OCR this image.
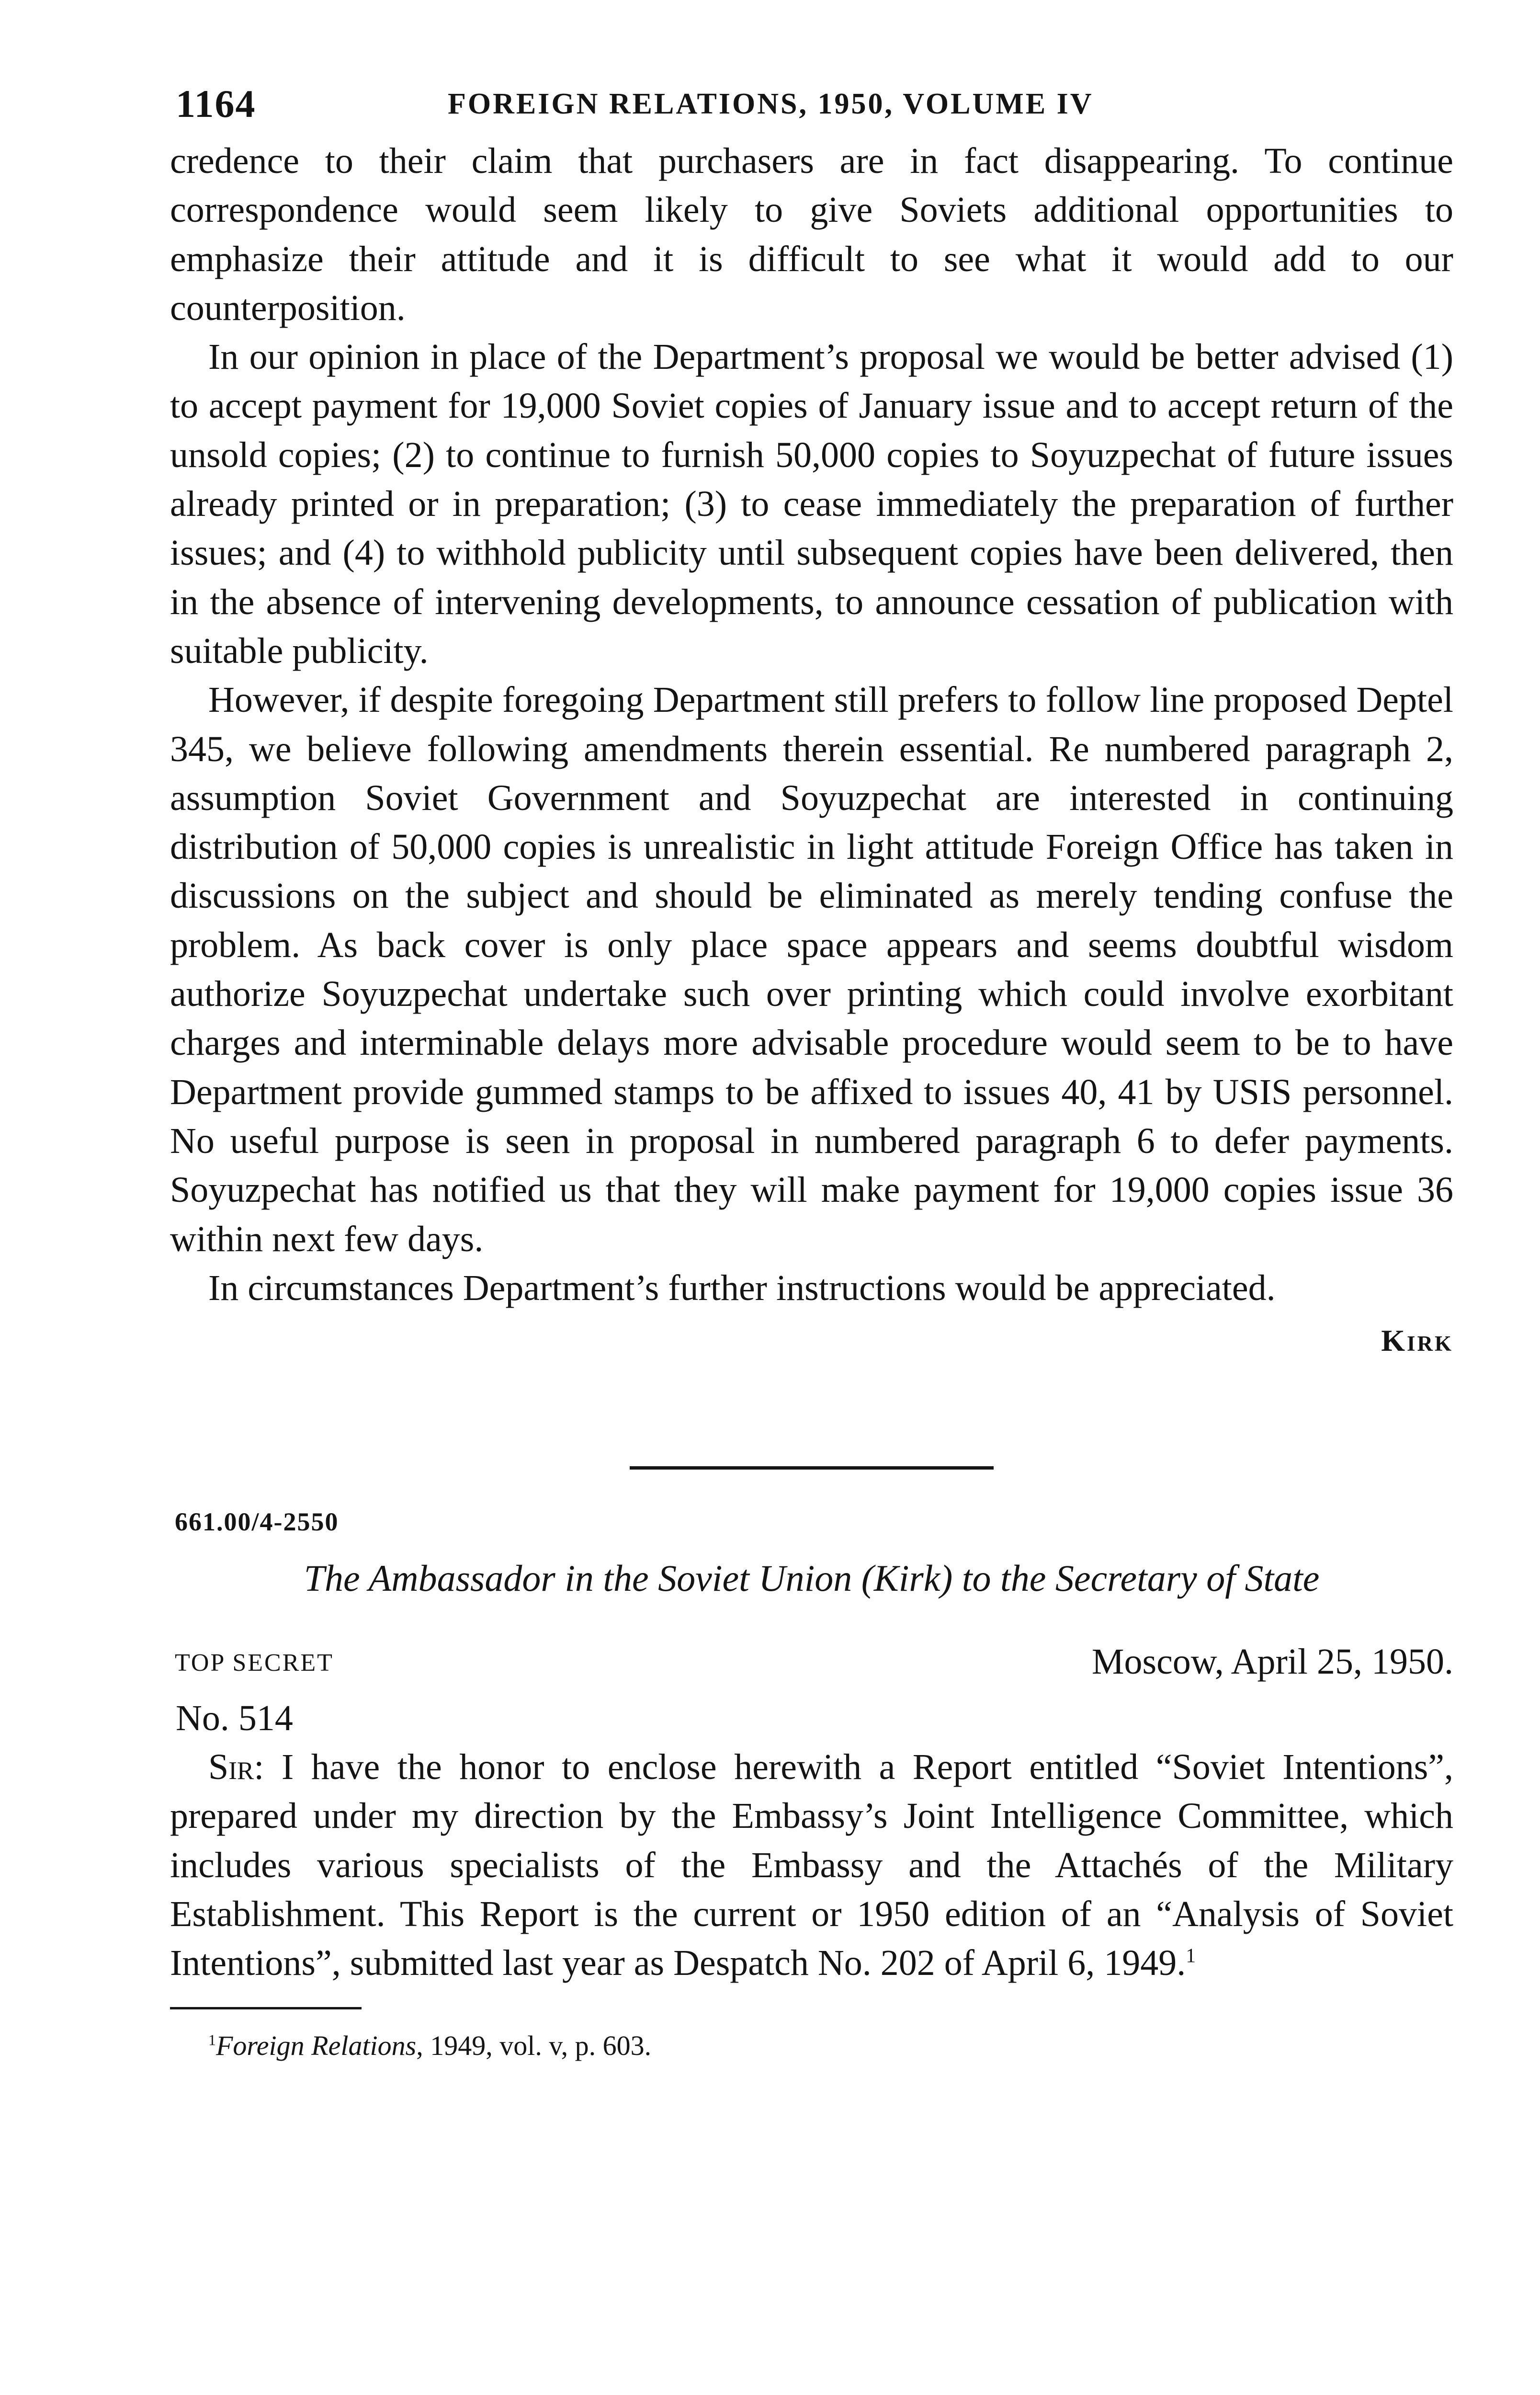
1164	FOREIGN RELATIONS, 1950, VOLUME IV

credence to their claim that purchasers are in fact disappearing. To continue correspondence would seem likely to give Soviets additional opportunities to emphasize their attitude and it is difficult to see what it would add to our counterposition.

In our opinion in place of the Department’s proposal we would be better advised (1) to accept payment for 19,000 Soviet copies of January issue and to accept return of the unsold copies; (2) to continue to furnish 50,000 copies to Soyuzpechat of future issues already printed or in preparation; (3) to cease immediately the preparation of further issues; and (4) to withhold publicity until subsequent copies have been delivered, then in the absence of intervening developments, to announce cessation of publication with suitable publicity.

However, if despite foregoing Department still prefers to follow line proposed Deptel 345, we believe following amendments therein essential. Re numbered paragraph 2, assumption Soviet Government and Soyuzpechat are interested in continuing distribution of 50,000 copies is unrealistic in light attitude Foreign Office has taken in discussions on the subject and should be eliminated as merely tending confuse the problem. As back cover is only place space appears and seems doubtful wisdom authorize Soyuzpechat undertake such over printing which could involve exorbitant charges and interminable delays more advisable procedure would seem to be to have Department provide gummed stamps to be affixed to issues 40, 41 by USIS personnel. No useful purpose is seen in proposal in numbered paragraph 6 to defer payments. Soyuzpechat has notified us that they will make payment for 19,000 copies issue 36 within next few days.

In circumstances Department’s further instructions would be appreciated.

Kirk

661.00/4-2550
The Ambassador in the Soviet Union (Kirk) to the Secretary of State
TOP SECRET	Moscow, April 25, 1950.
No. 514

Sir: I have the honor to enclose herewith a Report entitled “Soviet Intentions”, prepared under my direction by the Embassy’s Joint Intelligence Committee, which includes various specialists of the Embassy and the Attachés of the Military Establishment. This Report is the current or 1950 edition of an “Analysis of Soviet Intentions”, submitted last year as Despatch No. 202 of April 6, 1949.$^1$

$^1$Foreign Relations, 1949, vol. v, p. 603.
